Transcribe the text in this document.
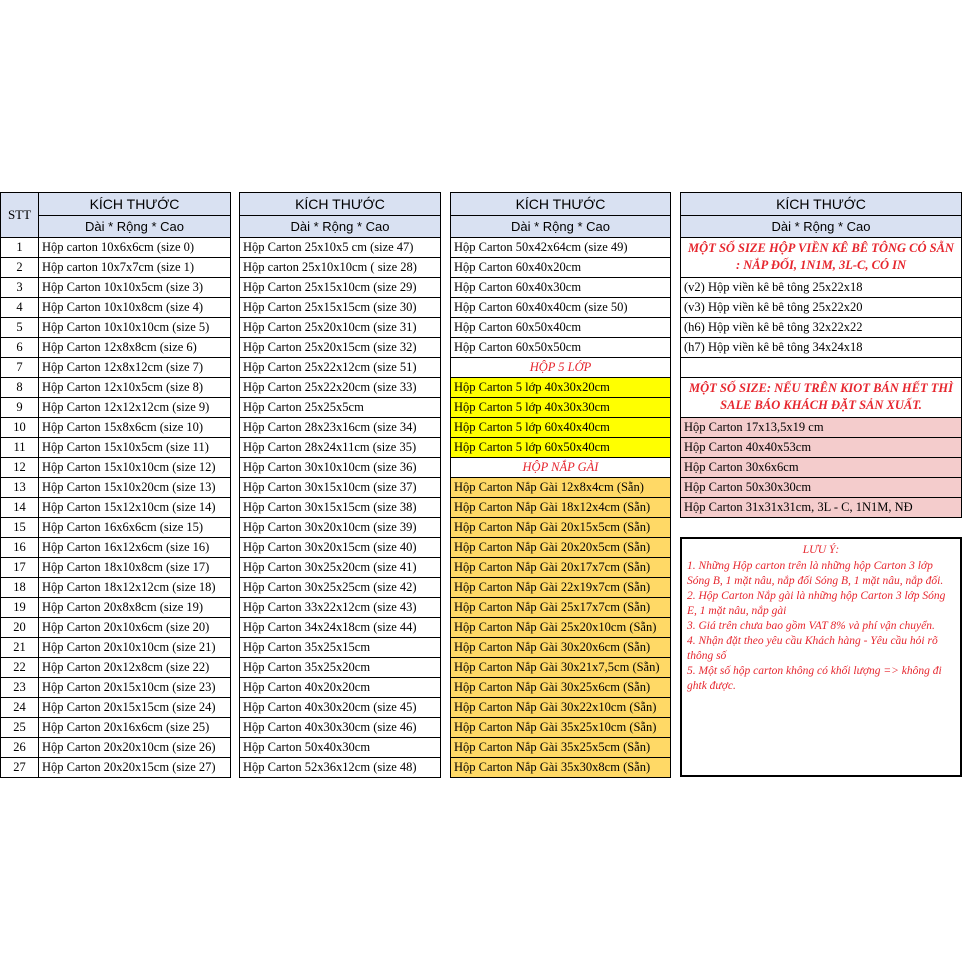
STT
1
2
3
4
5
6
7
8
9
10
11
12
13
14
15
16
17
18
19
20
21
22
23
24
25
26
27
KÍCH THƯỚC
Dài * Rộng * Cao
Hộp carton 10x6x6cm (size 0)
Hộp carton 10x7x7cm (size 1)
Hộp Carton 10x10x5cm (size 3)
Hộp Carton 10x10x8cm (size 4)
Hộp Carton 10x10x10cm (size 5)
Hộp Carton 12x8x8cm (size 6)
Hộp Carton 12x8x12cm (size 7)
Hộp Carton 12x10x5cm (size 8)
Hộp Carton 12x12x12cm (size 9)
Hộp Carton 15x8x6cm (size 10)
Hộp Carton 15x10x5cm (size 11)
Hộp Carton 15x10x10cm (size 12)
Hộp Carton 15x10x20cm (size 13)
Hộp Carton 15x12x10cm (size 14)
Hộp Carton 16x6x6cm (size 15)
Hộp Carton 16x12x6cm (size 16)
Hộp Carton 18x10x8cm (size 17)
Hộp Carton 18x12x12cm (size 18)
Hộp Carton 20x8x8cm (size 19)
Hộp Carton 20x10x6cm (size 20)
Hộp Carton 20x10x10cm (size 21)
Hộp Carton 20x12x8cm (size 22)
Hộp Carton 20x15x10cm (size 23)
Hộp Carton 20x15x15cm (size 24)
Hộp Carton 20x16x6cm (size 25)
Hộp Carton 20x20x10cm (size 26)
Hộp Carton 20x20x15cm (size 27)
KÍCH THƯỚC
Dài * Rộng * Cao
Hộp Carton 25x10x5 cm (size 47)
Hộp carton 25x10x10cm ( size 28)
Hộp Carton 25x15x10cm (size 29)
Hộp Carton 25x15x15cm (size 30)
Hộp Carton 25x20x10cm (size 31)
Hộp Carton 25x20x15cm (size 32)
Hộp Carton 25x22x12cm (size 51)
Hộp Carton 25x22x20cm (size 33)
Hộp Carton 25x25x5cm
Hộp Carton 28x23x16cm (size 34)
Hộp Carton 28x24x11cm (size 35)
Hộp Carton 30x10x10cm (size 36)
Hộp Carton 30x15x10cm (size 37)
Hộp Carton 30x15x15cm (size 38)
Hộp Carton 30x20x10cm (size 39)
Hộp Carton 30x20x15cm (size 40)
Hộp Carton 30x25x20cm (size 41)
Hộp Carton 30x25x25cm (size 42)
Hộp Carton 33x22x12cm (size 43)
Hộp Carton 34x24x18cm (size 44)
Hộp Carton 35x25x15cm
Hộp Carton 35x25x20cm
Hộp Carton 40x20x20cm
Hộp Carton 40x30x20cm (size 45)
Hộp Carton 40x30x30cm (size 46)
Hộp Carton 50x40x30cm
Hộp Carton 52x36x12cm (size 48)
KÍCH THƯỚC
Dài * Rộng * Cao
Hộp Carton 50x42x64cm (size 49)
Hộp Carton 60x40x20cm
Hộp Carton 60x40x30cm
Hộp Carton 60x40x40cm (size 50)
Hộp Carton 60x50x40cm
Hộp Carton 60x50x50cm
HỘP 5 LỚP
Hộp Carton 5 lớp 40x30x20cm
Hộp Carton 5 lớp 40x30x30cm
Hộp Carton 5 lớp 60x40x40cm
Hộp Carton 5 lớp 60x50x40cm
HỘP NẮP GÀI
Hộp Carton Nắp Gài 12x8x4cm (Sẵn)
Hộp Carton Nắp Gài 18x12x4cm (Sẵn)
Hộp Carton Nắp Gài 20x15x5cm (Sẵn)
Hộp Carton Nắp Gài 20x20x5cm (Sẵn)
Hộp Carton Nắp Gài 20x17x7cm (Sẵn)
Hộp Carton Nắp Gài 22x19x7cm (Sẵn)
Hộp Carton Nắp Gài 25x17x7cm (Sẵn)
Hộp Carton Nắp Gài 25x20x10cm (Sẵn)
Hộp Carton Nắp Gài 30x20x6cm (Sẵn)
Hộp Carton Nắp Gài 30x21x7,5cm (Sẵn)
Hộp Carton Nắp Gài 30x25x6cm (Sẵn)
Hộp Carton Nắp Gài 30x22x10cm (Sẵn)
Hộp Carton Nắp Gài 35x25x10cm (Sẵn)
Hộp Carton Nắp Gài 35x25x5cm (Sẵn)
Hộp Carton Nắp Gài 35x30x8cm (Sẵn)
KÍCH THƯỚC
Dài * Rộng * Cao
MỘT SỐ SIZE HỘP VIỀN KÊ BÊ TÔNG CÓ SẴN : NẮP ĐỐI, 1N1M, 3L-C, CÓ IN
(v2) Hộp viền kê bê tông 25x22x18
(v3) Hộp viền kê bê tông 25x22x20
(h6) Hộp viền kê bê tông 32x22x22
(h7) Hộp viền kê bê tông 34x24x18
MỘT SỐ SIZE: NẾU TRÊN KIOT BÁN HẾT THÌ SALE BÁO KHÁCH ĐẶT SẢN XUẤT.
Hộp Carton 17x13,5x19 cm
Hộp Carton 40x40x53cm
Hộp Carton 30x6x6cm
Hộp Carton 50x30x30cm
Hộp Carton 31x31x31cm, 3L - C, 1N1M, NĐ
LƯU Ý:

1. Những Hộp carton trên là những hộp Carton 3 lớp Sóng B, 1 mặt nâu, nắp đối Sóng B, 1 mặt nâu, nắp đối.

2. Hộp Carton Nắp gài là những hộp Carton 3 lớp Sóng E, 1 mặt nâu, nắp gài

3. Giá trên chưa bao gồm VAT 8% và phí vận chuyển.

4. Nhận đặt theo yêu cầu Khách hàng - Yêu cầu hỏi rõ thông số

5. Một số hộp carton không có khối lượng => không đi ghtk được.
